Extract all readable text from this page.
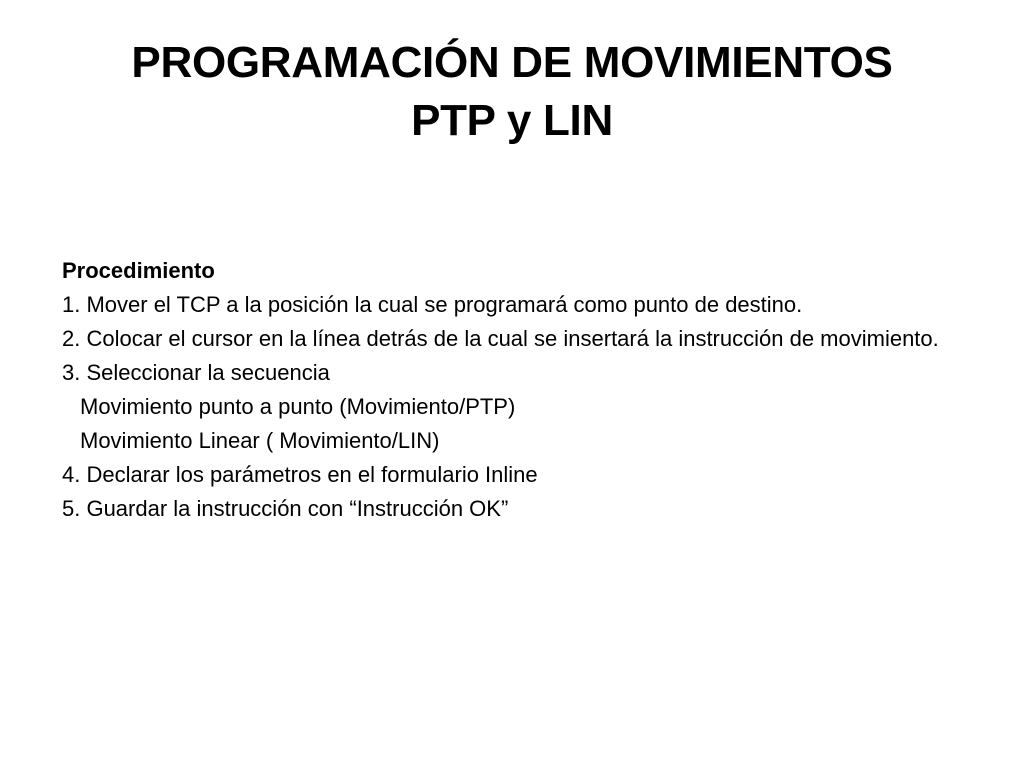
PROGRAMACIÓN DE MOVIMIENTOS
PTP y LIN
Procedimiento
1. Mover el TCP a la posición la cual se programará como punto de destino.
2. Colocar el cursor en la línea detrás de la cual se insertará la instrucción de movimiento.
3. Seleccionar la secuencia
Movimiento punto a punto (Movimiento/PTP)
Movimiento Linear ( Movimiento/LIN)
4. Declarar los parámetros en el formulario Inline
5. Guardar la instrucción con “Instrucción OK”
